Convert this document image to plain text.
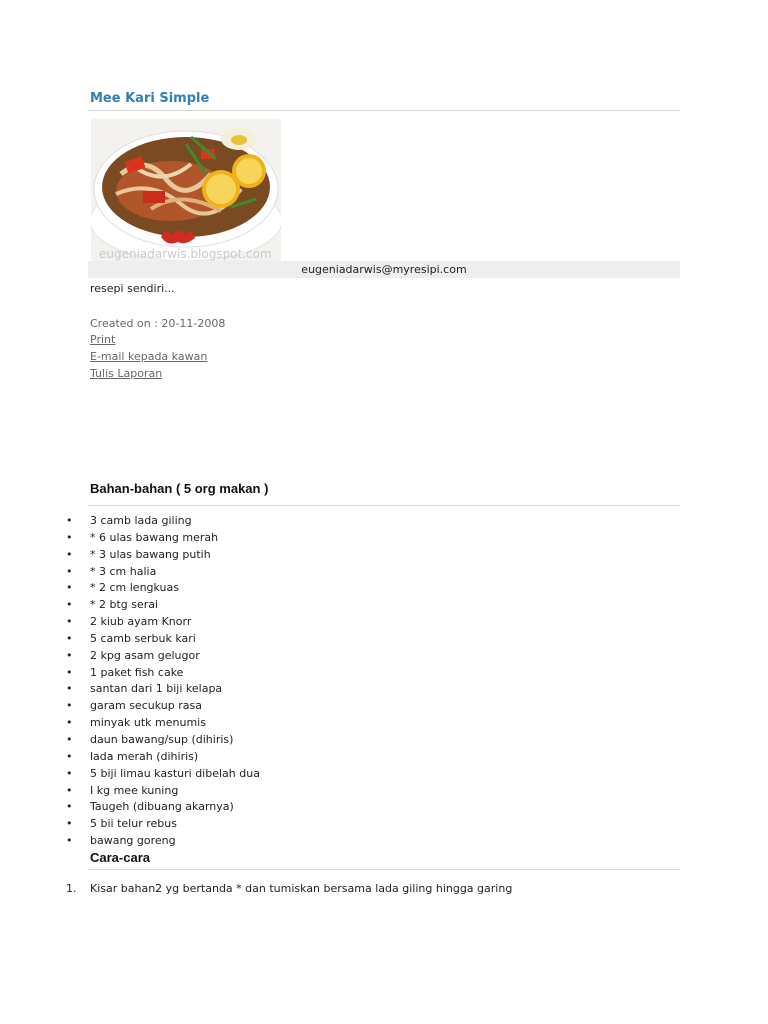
Mee Kari Simple
eugeniadarwis.blogspot.com
eugeniadarwis@myresipi.com
resepi sendiri...
Created on : 20-11-2008
Print
E-mail kepada kawan
Tulis Laporan
Bahan-bahan ( 5 org makan )
• 3 camb lada giling
• * 6 ulas bawang merah
• * 3 ulas bawang putih
• * 3 cm halia
• * 2 cm lengkuas
• * 2 btg serai
• 2 kiub ayam Knorr
• 5 camb serbuk kari
• 2 kpg asam gelugor
• 1 paket fish cake
• santan dari 1 biji kelapa
• garam secukup rasa
• minyak utk menumis
• daun bawang/sup (dihiris)
• lada merah (dihiris)
• 5 biji limau kasturi dibelah dua
• I kg mee kuning
• Taugeh (dibuang akarnya)
• 5 bii telur rebus
• bawang goreng
Cara-cara
1. Kisar bahan2 yg bertanda * dan tumiskan bersama lada giling hingga garing
